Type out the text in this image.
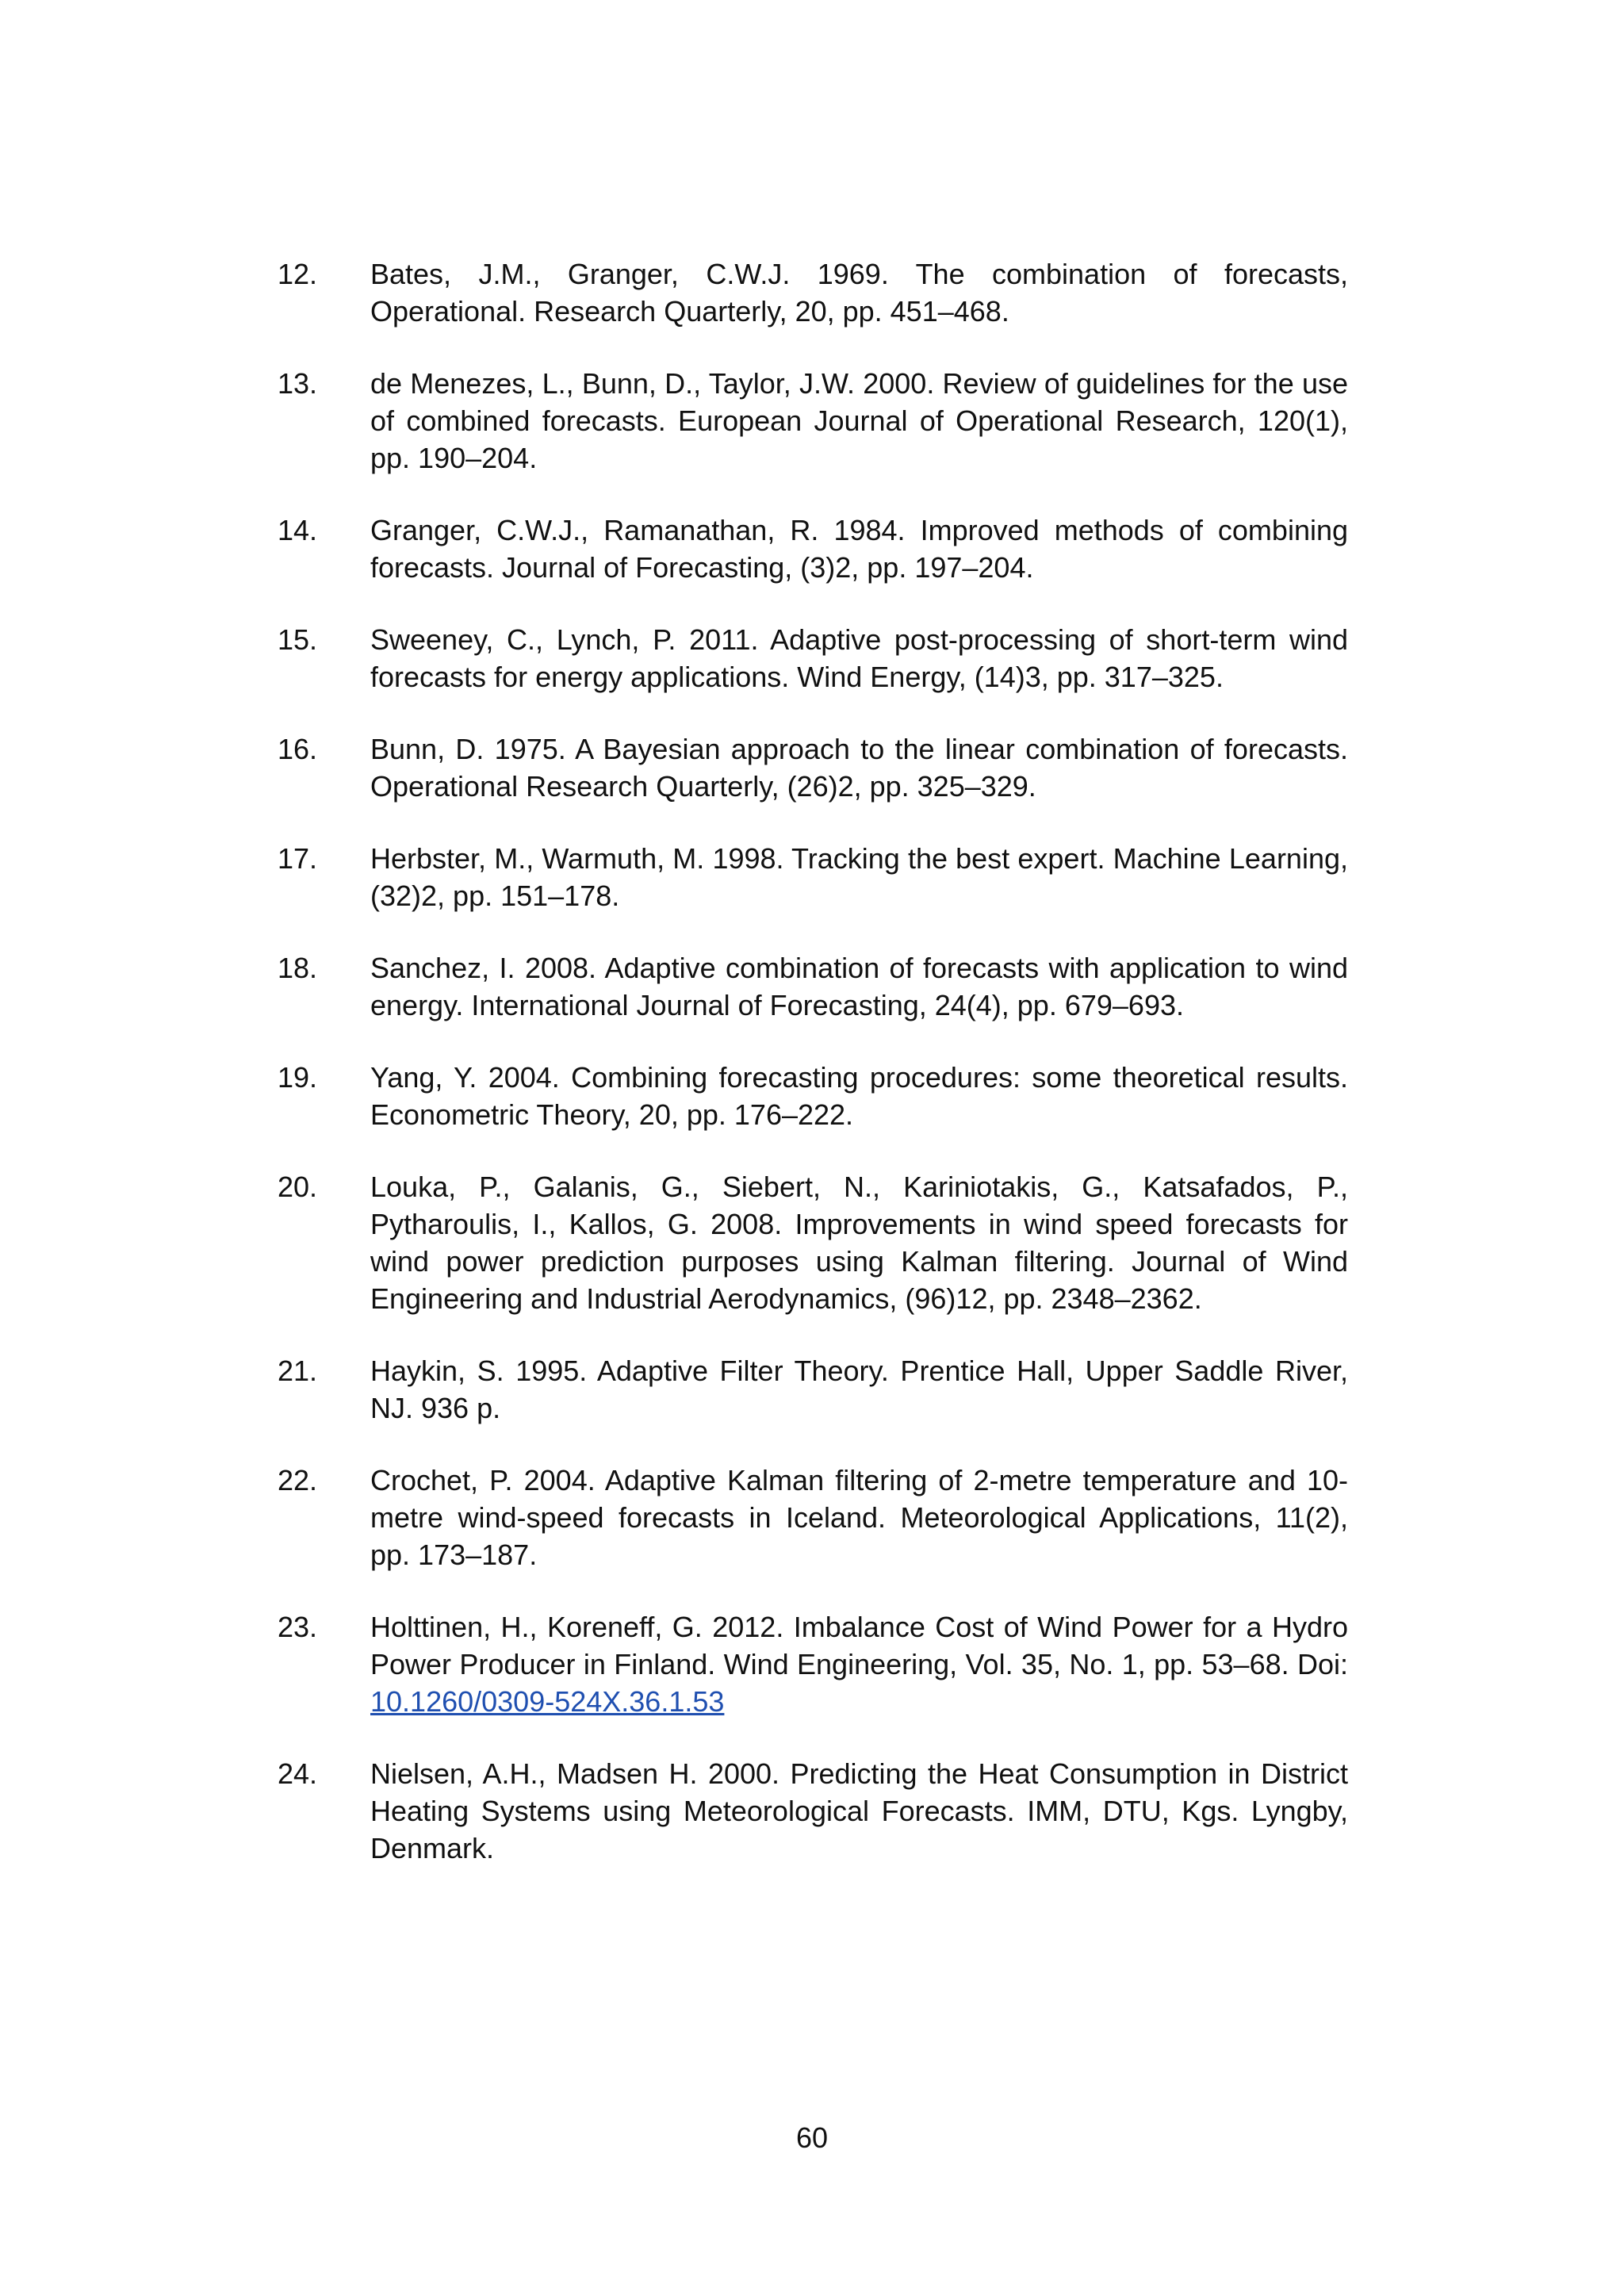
12.	Bates, J.M., Granger, C.W.J. 1969. The combination of forecasts, Operational. Research Quarterly, 20, pp. 451–468.
13.	de Menezes, L., Bunn, D., Taylor, J.W. 2000. Review of guidelines for the use of combined forecasts. European Journal of Operational Research, 120(1), pp. 190–204.
14.	Granger, C.W.J., Ramanathan, R. 1984. Improved methods of combining forecasts. Journal of Forecasting, (3)2, pp. 197–204.
15.	Sweeney, C., Lynch, P. 2011. Adaptive post-processing of short-term wind forecasts for energy applications. Wind Energy, (14)3, pp. 317–325.
16.	Bunn, D. 1975. A Bayesian approach to the linear combination of forecasts. Operational Research Quarterly, (26)2, pp. 325–329.
17.	Herbster, M., Warmuth, M. 1998. Tracking the best expert. Machine Learning, (32)2, pp. 151–178.
18.	Sanchez, I. 2008. Adaptive combination of forecasts with application to wind energy. International Journal of Forecasting, 24(4), pp. 679–693.
19.	Yang, Y. 2004. Combining forecasting procedures: some theoretical results. Econometric Theory, 20, pp. 176–222.
20.	Louka, P., Galanis, G., Siebert, N., Kariniotakis, G., Katsafados, P., Pytharoulis, I., Kallos, G. 2008. Improvements in wind speed forecasts for wind power prediction purposes using Kalman filtering. Journal of Wind Engineering and Industrial Aerodynamics, (96)12, pp. 2348–2362.
21.	Haykin, S. 1995. Adaptive Filter Theory. Prentice Hall, Upper Saddle River, NJ. 936 p.
22.	Crochet, P. 2004. Adaptive Kalman filtering of 2-metre temperature and 10-metre wind-speed forecasts in Iceland. Meteorological Applications, 11(2), pp. 173–187.
23.	Holttinen, H., Koreneff, G. 2012. Imbalance Cost of Wind Power for a Hydro Power Producer in Finland. Wind Engineering, Vol. 35, No. 1, pp. 53–68. Doi: 10.1260/0309-524X.36.1.53
24.	Nielsen, A.H., Madsen H. 2000. Predicting the Heat Consumption in District Heating Systems using Meteorological Forecasts. IMM, DTU, Kgs. Lyngby, Denmark.
60
